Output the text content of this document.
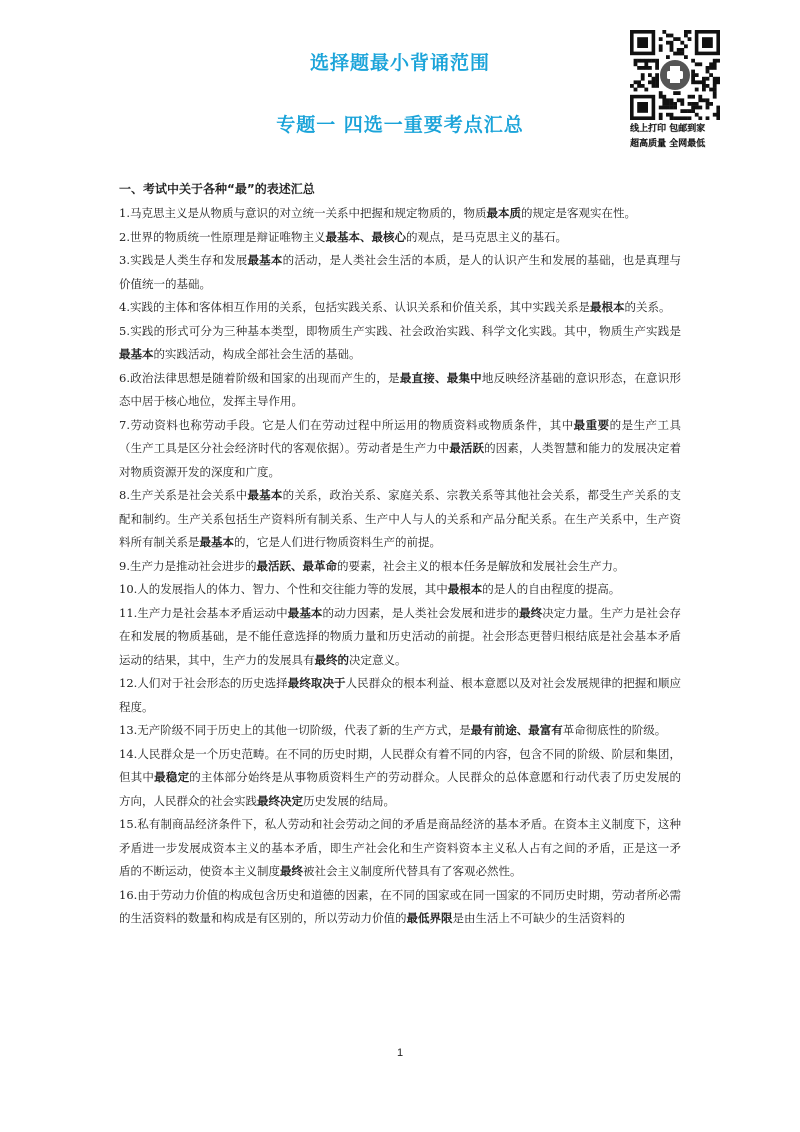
选择题最小背诵范围
专题一 四选一重要考点汇总	线上打印 包邮到家
超高质量 全网最低
一、考试中关于各种“最”的表述汇总

1.马克思主义是从物质与意识的对立统一关系中把握和规定物质的，物质最本质的规定是客观实在性。

2.世界的物质统一性原理是辩证唯物主义最基本、最核心的观点，是马克思主义的基石。

3.实践是人类生存和发展最基本的活动，是人类社会生活的本质，是人的认识产生和发展的基础，也是真理与价值统一的基础。

4.实践的主体和客体相互作用的关系，包括实践关系、认识关系和价值关系，其中实践关系是最根本的关系。

5.实践的形式可分为三种基本类型，即物质生产实践、社会政治实践、科学文化实践。其中，物质生产实践是最基本的实践活动，构成全部社会生活的基础。

6.政治法律思想是随着阶级和国家的出现而产生的，是最直接、最集中地反映经济基础的意识形态，在意识形态中居于核心地位，发挥主导作用。

7.劳动资料也称劳动手段。它是人们在劳动过程中所运用的物质资料或物质条件，其中最重要的是生产工具（生产工具是区分社会经济时代的客观依据）。劳动者是生产力中最活跃的因素，人类智慧和能力的发展决定着对物质资源开发的深度和广度。

8.生产关系是社会关系中最基本的关系，政治关系、家庭关系、宗教关系等其他社会关系，都受生产关系的支配和制约。生产关系包括生产资料所有制关系、生产中人与人的关系和产品分配关系。在生产关系中，生产资料所有制关系是最基本的，它是人们进行物质资料生产的前提。

9.生产力是推动社会进步的最活跃、最革命的要素，社会主义的根本任务是解放和发展社会生产力。

10.人的发展指人的体力、智力、个性和交往能力等的发展，其中最根本的是人的自由程度的提高。

11.生产力是社会基本矛盾运动中最基本的动力因素，是人类社会发展和进步的最终决定力量。生产力是社会存在和发展的物质基础，是不能任意选择的物质力量和历史活动的前提。社会形态更替归根结底是社会基本矛盾运动的结果，其中，生产力的发展具有最终的决定意义。

12.人们对于社会形态的历史选择最终取决于人民群众的根本利益、根本意愿以及对社会发展规律的把握和顺应程度。

13.无产阶级不同于历史上的其他一切阶级，代表了新的生产方式，是最有前途、最富有革命彻底性的阶级。

14.人民群众是一个历史范畴。在不同的历史时期，人民群众有着不同的内容，包含不同的阶级、阶层和集团，但其中最稳定的主体部分始终是从事物质资料生产的劳动群众。人民群众的总体意愿和行动代表了历史发展的方向，人民群众的社会实践最终决定历史发展的结局。

15.私有制商品经济条件下，私人劳动和社会劳动之间的矛盾是商品经济的基本矛盾。在资本主义制度下，这种矛盾进一步发展成资本主义的基本矛盾，即生产社会化和生产资料资本主义私人占有之间的矛盾，正是这一矛盾的不断运动，使资本主义制度最终被社会主义制度所代替具有了客观必然性。

16.由于劳动力价值的构成包含历史和道德的因素，在不同的国家或在同一国家的不同历史时期，劳动者所必需的生活资料的数量和构成是有区别的，所以劳动力价值的最低界限是由生活上不可缺少的生活资料的

1
